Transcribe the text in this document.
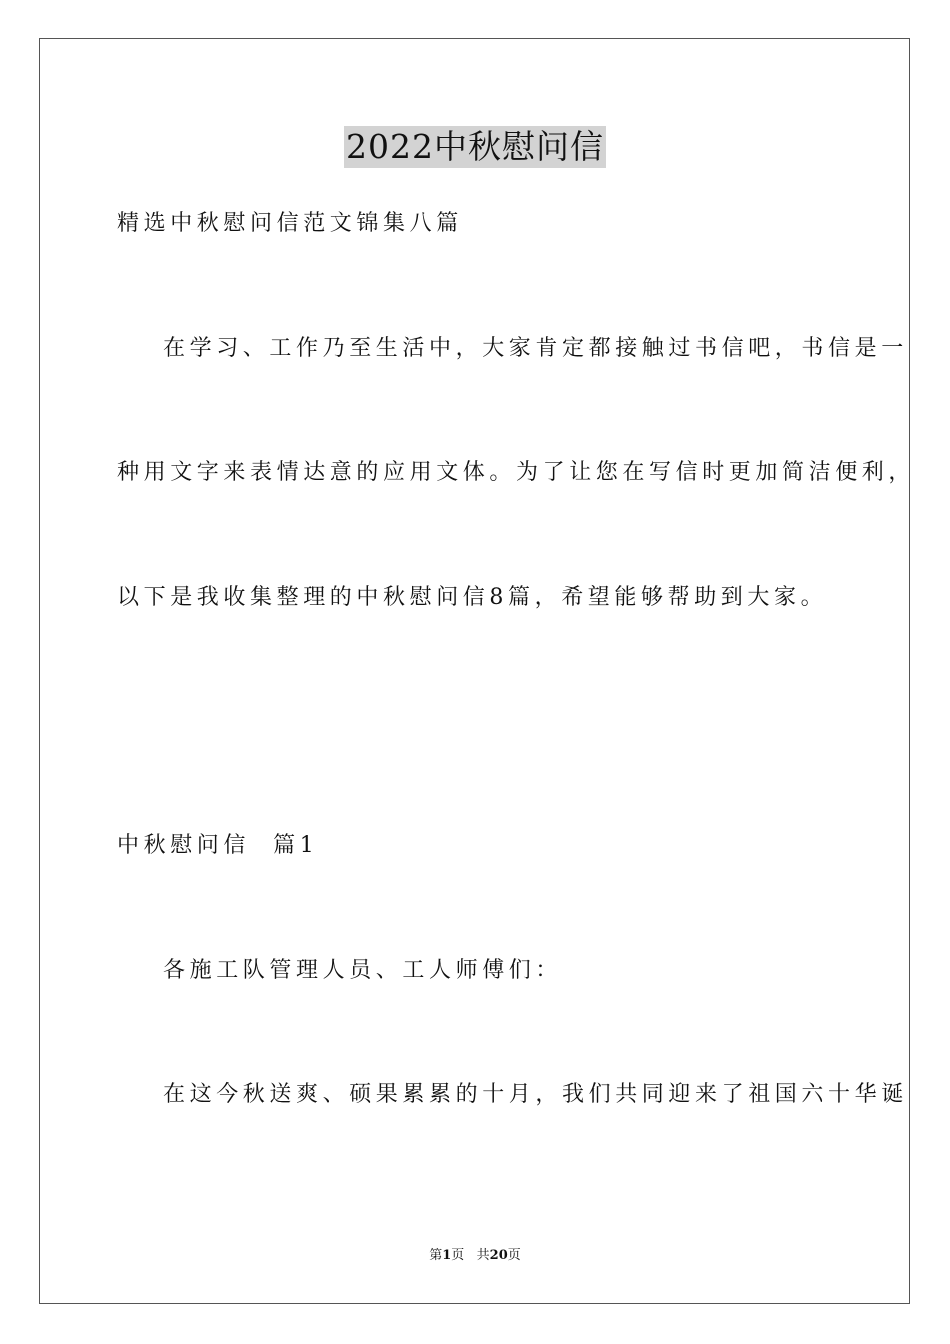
2022中秋慰问信

精选中秋慰问信范文锦集八篇

在学习、工作乃至生活中，大家肯定都接触过书信吧，书信是一

种用文字来表情达意的应用文体。为了让您在写信时更加简洁便利，

以下是我收集整理的中秋慰问信8篇，希望能够帮助到大家。

中秋慰问信  篇1

各施工队管理人员、工人师傅们：

在这今秋送爽、硕果累累的十月，我们共同迎来了祖国六十华诞

第1页   共20页
